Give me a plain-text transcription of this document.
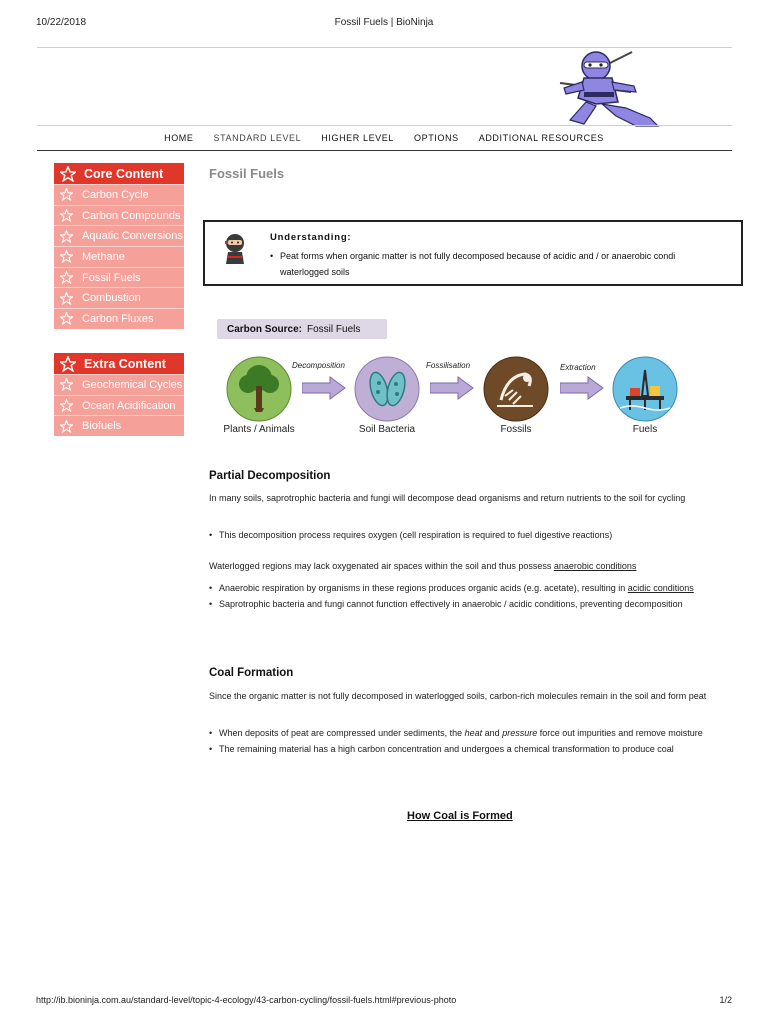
10/22/2018	Fossil Fuels | BioNinja
HOME	STANDARD LEVEL	HIGHER LEVEL	OPTIONS	ADDITIONAL RESOURCES
Core Content
Carbon Cycle
Carbon Compounds
Aquatic Conversions
Methane
Fossil Fuels
Combustion
Carbon Fluxes
Extra Content
Geochemical Cycles
Ocean Acidification
Biofuels
Fossil Fuels
Understanding:
• Peat forms when organic matter is not fully decomposed because of acidic and / or anaerobic condi
waterlogged soils
Carbon Source: Fossil Fuels
Decomposition	Fossilisation	Extraction
Plants / Animals	Soil Bacteria	Fossils	Fuels
Partial Decomposition
In many soils, saprotrophic bacteria and fungi will decompose dead organisms and return nutrients to the soil for cycling
• This decomposition process requires oxygen (cell respiration is required to fuel digestive reactions)
Waterlogged regions may lack oxygenated air spaces within the soil and thus possess anaerobic conditions
• Anaerobic respiration by organisms in these regions produces organic acids (e.g. acetate), resulting in acidic conditions
• Saprotrophic bacteria and fungi cannot function effectively in anaerobic / acidic conditions, preventing decomposition
Coal Formation
Since the organic matter is not fully decomposed in waterlogged soils, carbon-rich molecules remain in the soil and form peat
• When deposits of peat are compressed under sediments, the heat and pressure force out impurities and remove moisture
• The remaining material has a high carbon concentration and undergoes a chemical transformation to produce coal
How Coal is Formed
http://ib.bioninja.com.au/standard-level/topic-4-ecology/43-carbon-cycling/fossil-fuels.html#previous-photo	1/2
